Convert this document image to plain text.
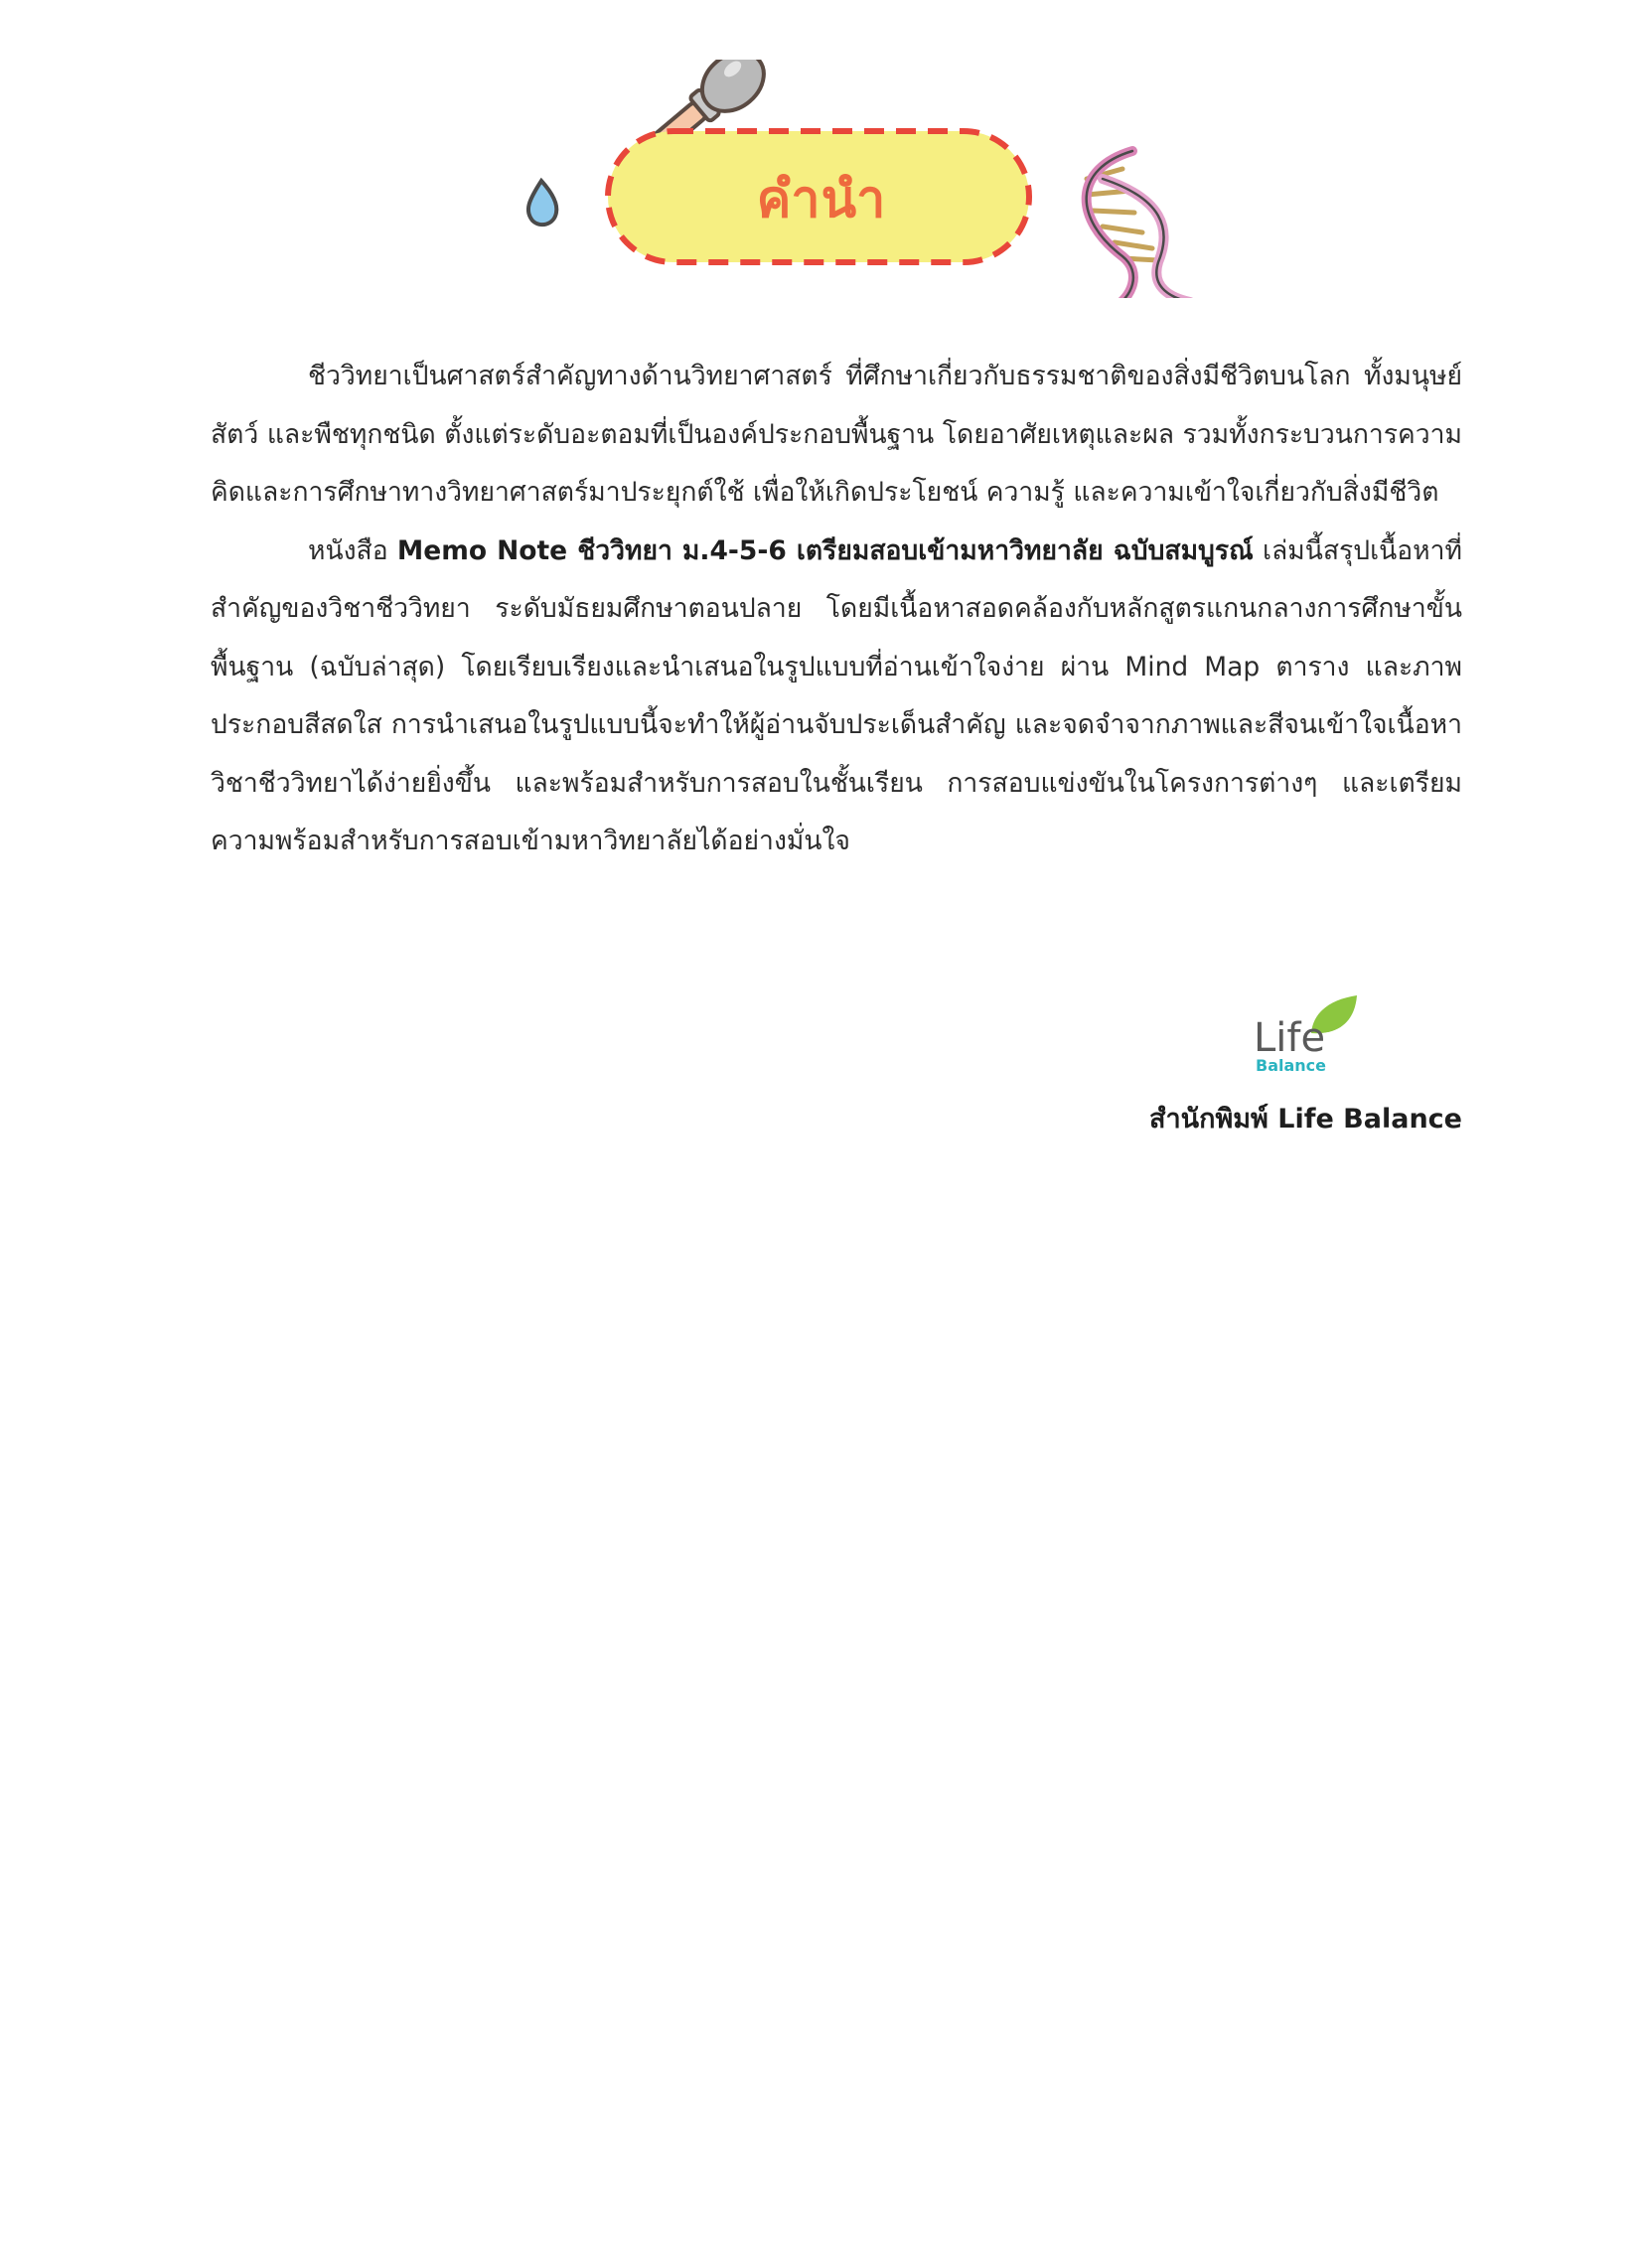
คำนำ

ชีววิทยาเป็นศาสตร์สำคัญทางด้านวิทยาศาสตร์ ที่ศึกษาเกี่ยวกับธรรมชาติของสิ่งมีชีวิตบนโลก ทั้งมนุษย์ สัตว์ และพืชทุกชนิด ตั้งแต่ระดับอะตอมที่เป็นองค์ประกอบพื้นฐาน โดยอาศัยเหตุและผล รวมทั้งกระบวนการความคิดและการศึกษาทางวิทยาศาสตร์มาประยุกต์ใช้ เพื่อให้เกิดประโยชน์ ความรู้ และความเข้าใจเกี่ยวกับสิ่งมีชีวิต

หนังสือ Memo Note ชีววิทยา ม.4-5-6 เตรียมสอบเข้ามหาวิทยาลัย ฉบับสมบูรณ์ เล่มนี้สรุปเนื้อหาที่สำคัญของวิชาชีววิทยา ระดับมัธยมศึกษาตอนปลาย โดยมีเนื้อหาสอดคล้องกับหลักสูตรแกนกลางการศึกษาขั้นพื้นฐาน (ฉบับล่าสุด) โดยเรียบเรียงและนำเสนอในรูปแบบที่อ่านเข้าใจง่าย ผ่าน Mind Map ตาราง และภาพประกอบสีสดใส การนำเสนอในรูปแบบนี้จะทำให้ผู้อ่านจับประเด็นสำคัญ และจดจำจากภาพและสีจนเข้าใจเนื้อหาวิชาชีววิทยาได้ง่ายยิ่งขึ้น และพร้อมสำหรับการสอบในชั้นเรียน การสอบแข่งขันในโครงการต่างๆ และเตรียมความพร้อมสำหรับการสอบเข้ามหาวิทยาลัยได้อย่างมั่นใจ

Life
Balance
สำนักพิมพ์ Life Balance
